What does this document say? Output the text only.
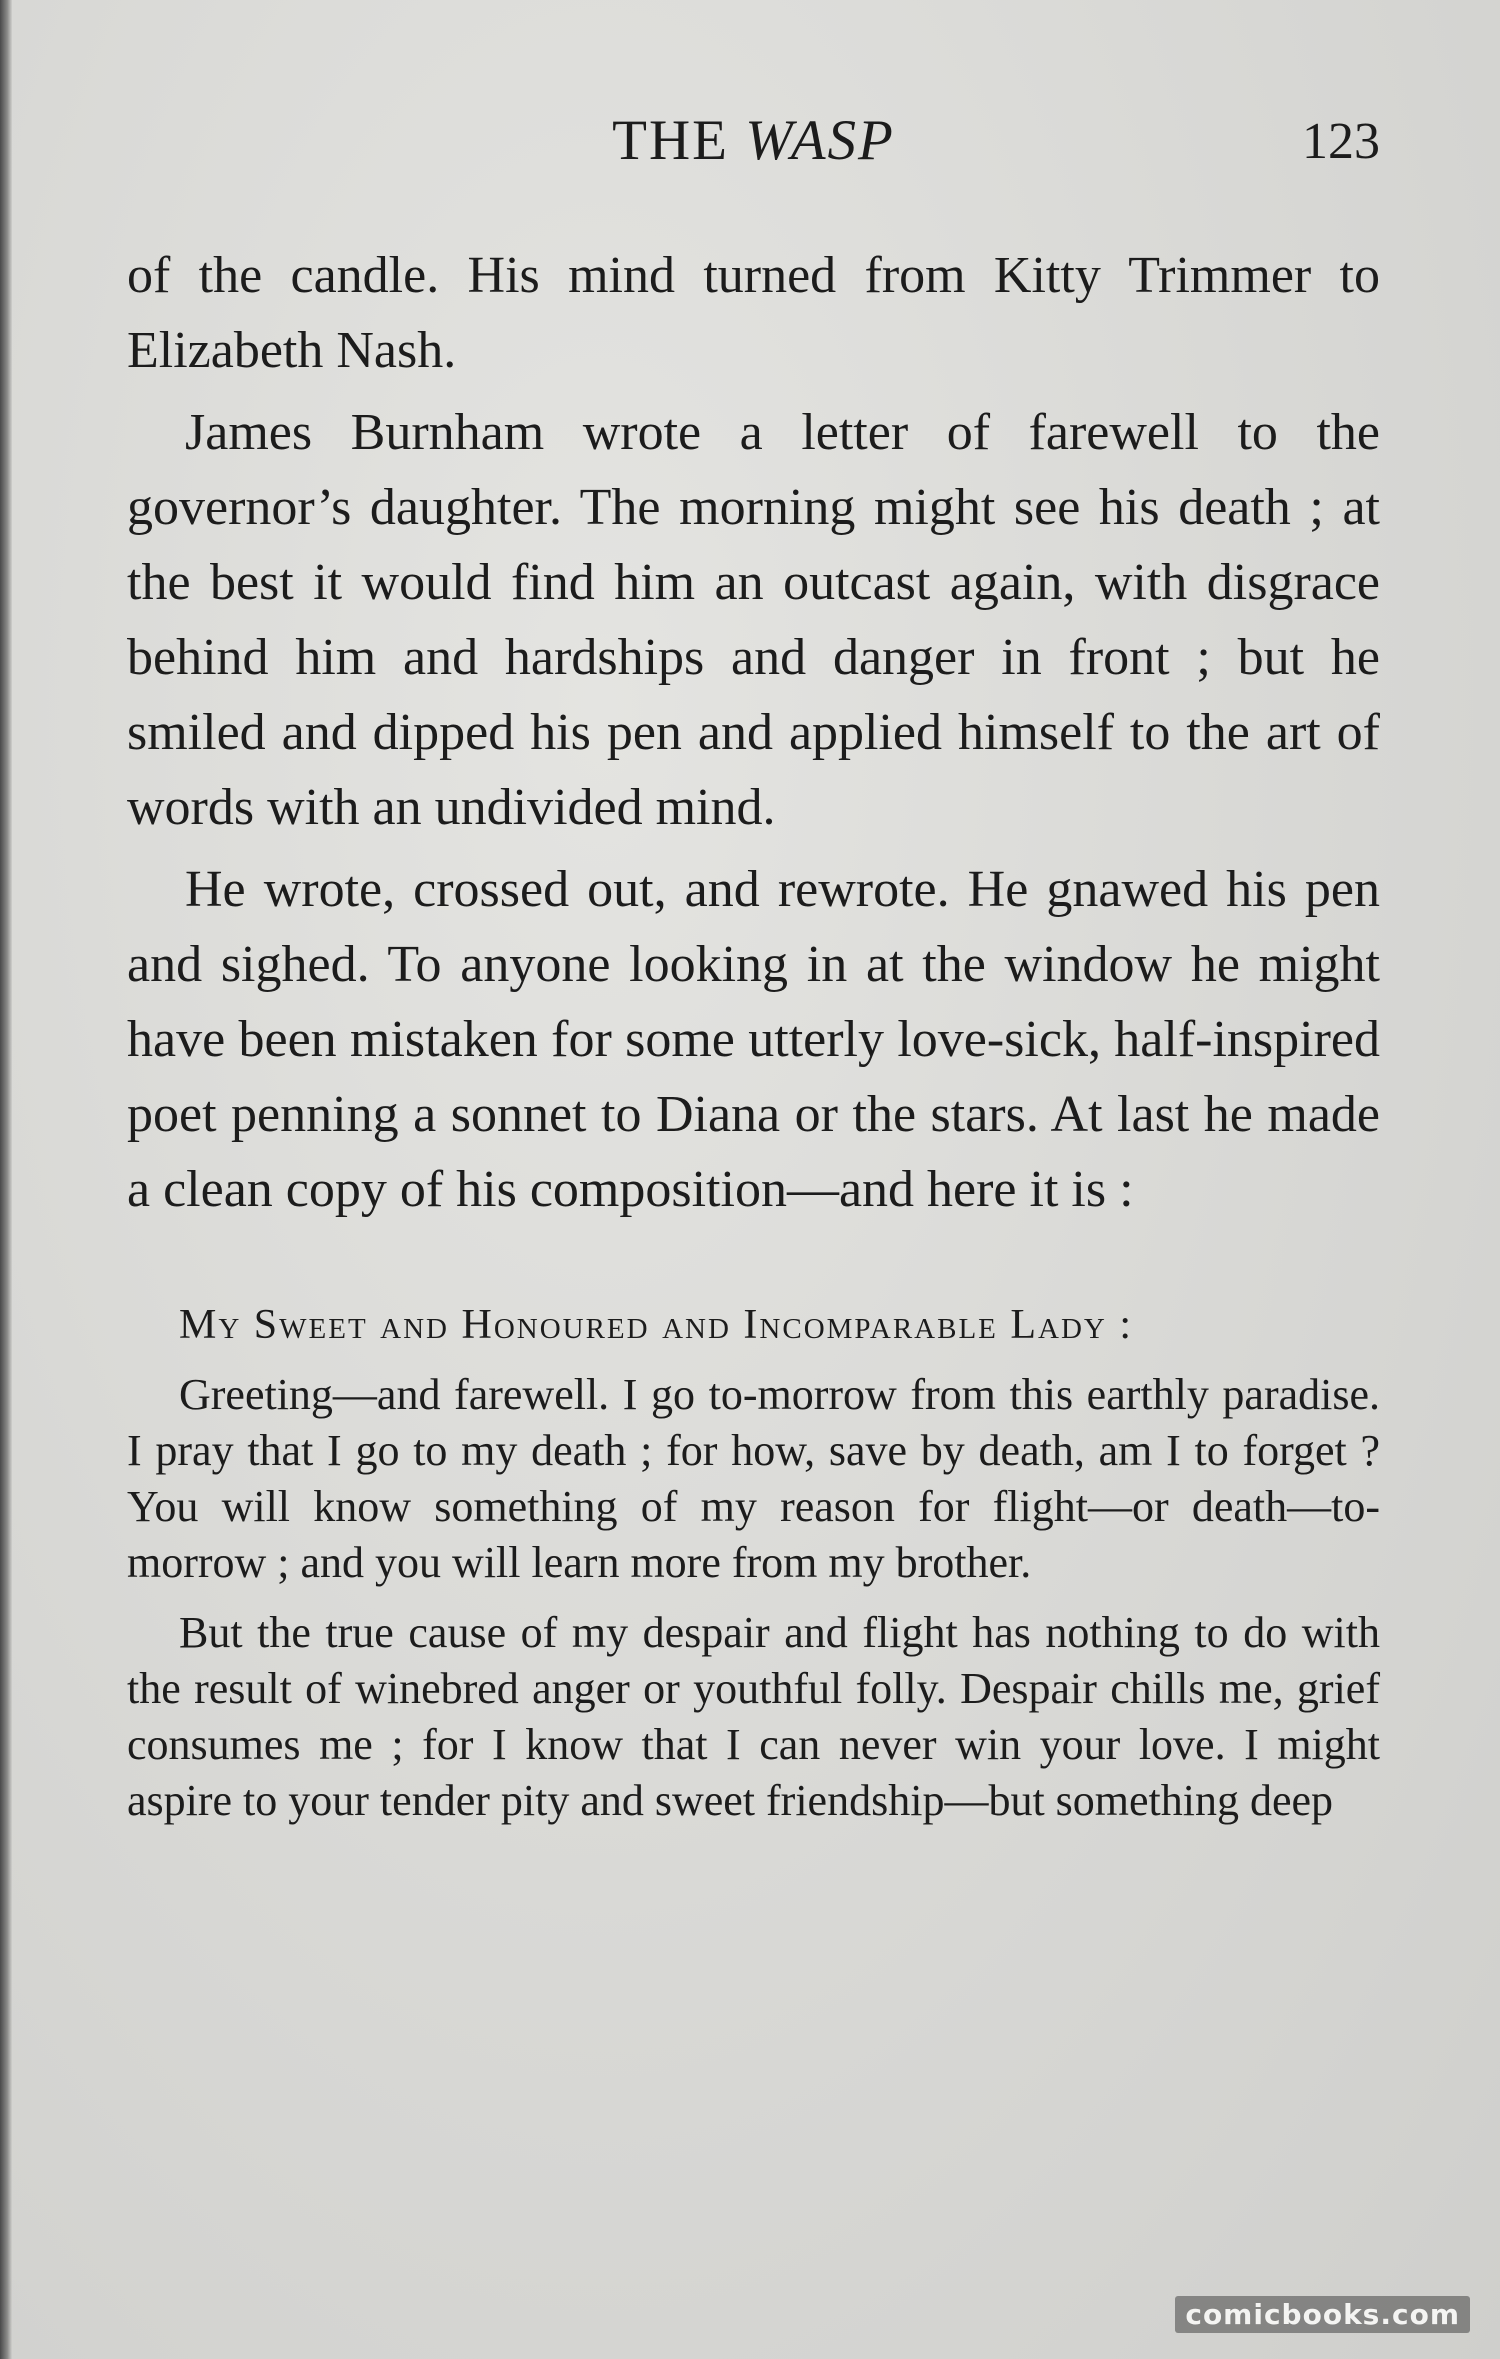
THE WASP	123

of the candle. His mind turned from Kitty Trimmer to Elizabeth Nash.

James Burnham wrote a letter of farewell to the governor’s daughter. The morning might see his death ; at the best it would find him an outcast again, with disgrace behind him and hardships and danger in front ; but he smiled and dipped his pen and applied himself to the art of words with an undivided mind.

He wrote, crossed out, and rewrote. He gnawed his pen and sighed. To anyone looking in at the window he might have been mistaken for some utterly love-sick, half-inspired poet penning a sonnet to Diana or the stars. At last he made a clean copy of his composition—and here it is :

My Sweet and Honoured and Incomparable Lady :

Greeting—and farewell. I go to-morrow from this earthly paradise. I pray that I go to my death ; for how, save by death, am I to forget ? You will know something of my reason for flight—or death—to-morrow ; and you will learn more from my brother.

But the true cause of my despair and flight has nothing to do with the result of winebred anger or youthful folly. Despair chills me, grief consumes me ; for I know that I can never win your love. I might aspire to your tender pity and sweet friendship—but something deep

comicbooks.com
